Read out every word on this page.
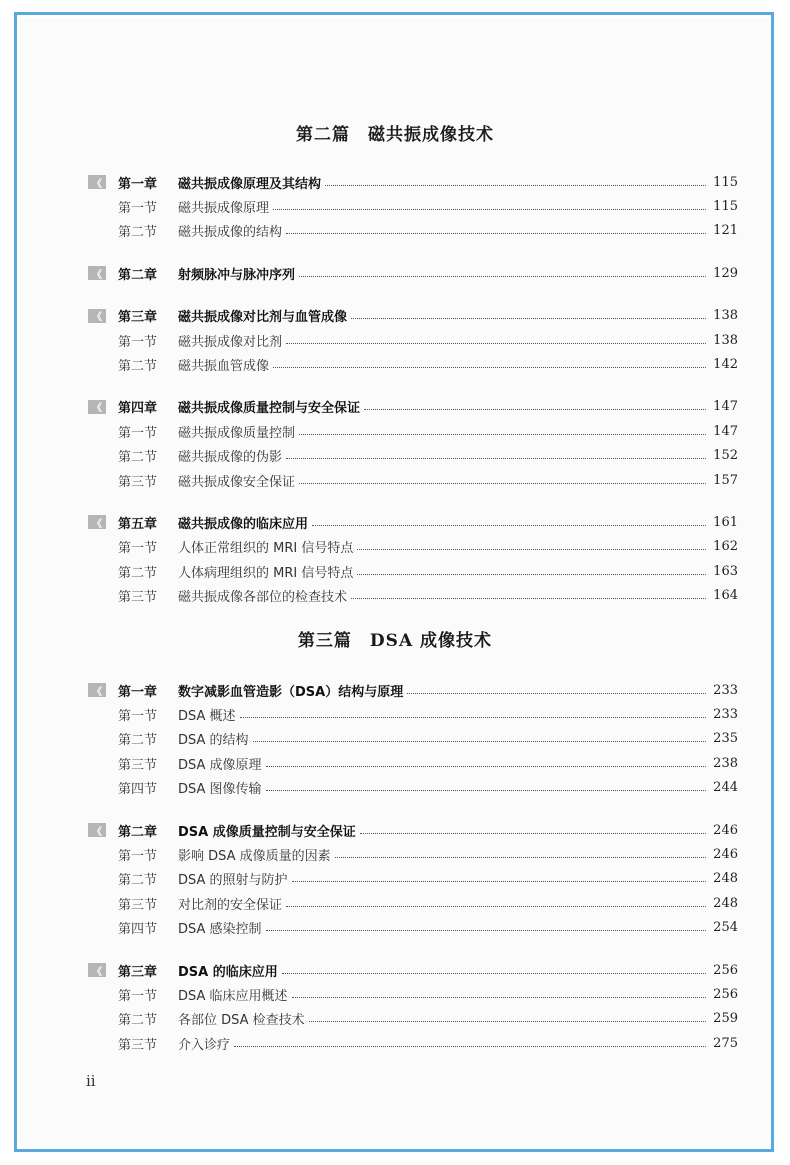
第二篇　磁共振成像技术
《	第一章	磁共振成像原理及其结构	115
第一节	磁共振成像原理	115
第二节	磁共振成像的结构	121
《	第二章	射频脉冲与脉冲序列	129
《	第三章	磁共振成像对比剂与血管成像	138
第一节	磁共振成像对比剂	138
第二节	磁共振血管成像	142
《	第四章	磁共振成像质量控制与安全保证	147
第一节	磁共振成像质量控制	147
第二节	磁共振成像的伪影	152
第三节	磁共振成像安全保证	157
《	第五章	磁共振成像的临床应用	161
第一节	人体正常组织的 MRI 信号特点	162
第二节	人体病理组织的 MRI 信号特点	163
第三节	磁共振成像各部位的检查技术	164
第三篇　DSA 成像技术
《	第一章	数字减影血管造影（DSA）结构与原理	233
第一节	DSA 概述	233
第二节	DSA 的结构	235
第三节	DSA 成像原理	238
第四节	DSA 图像传输	244
《	第二章	DSA 成像质量控制与安全保证	246
第一节	影响 DSA 成像质量的因素	246
第二节	DSA 的照射与防护	248
第三节	对比剂的安全保证	248
第四节	DSA 感染控制	254
《	第三章	DSA 的临床应用	256
第一节	DSA 临床应用概述	256
第二节	各部位 DSA 检查技术	259
第三节	介入诊疗	275
ii
